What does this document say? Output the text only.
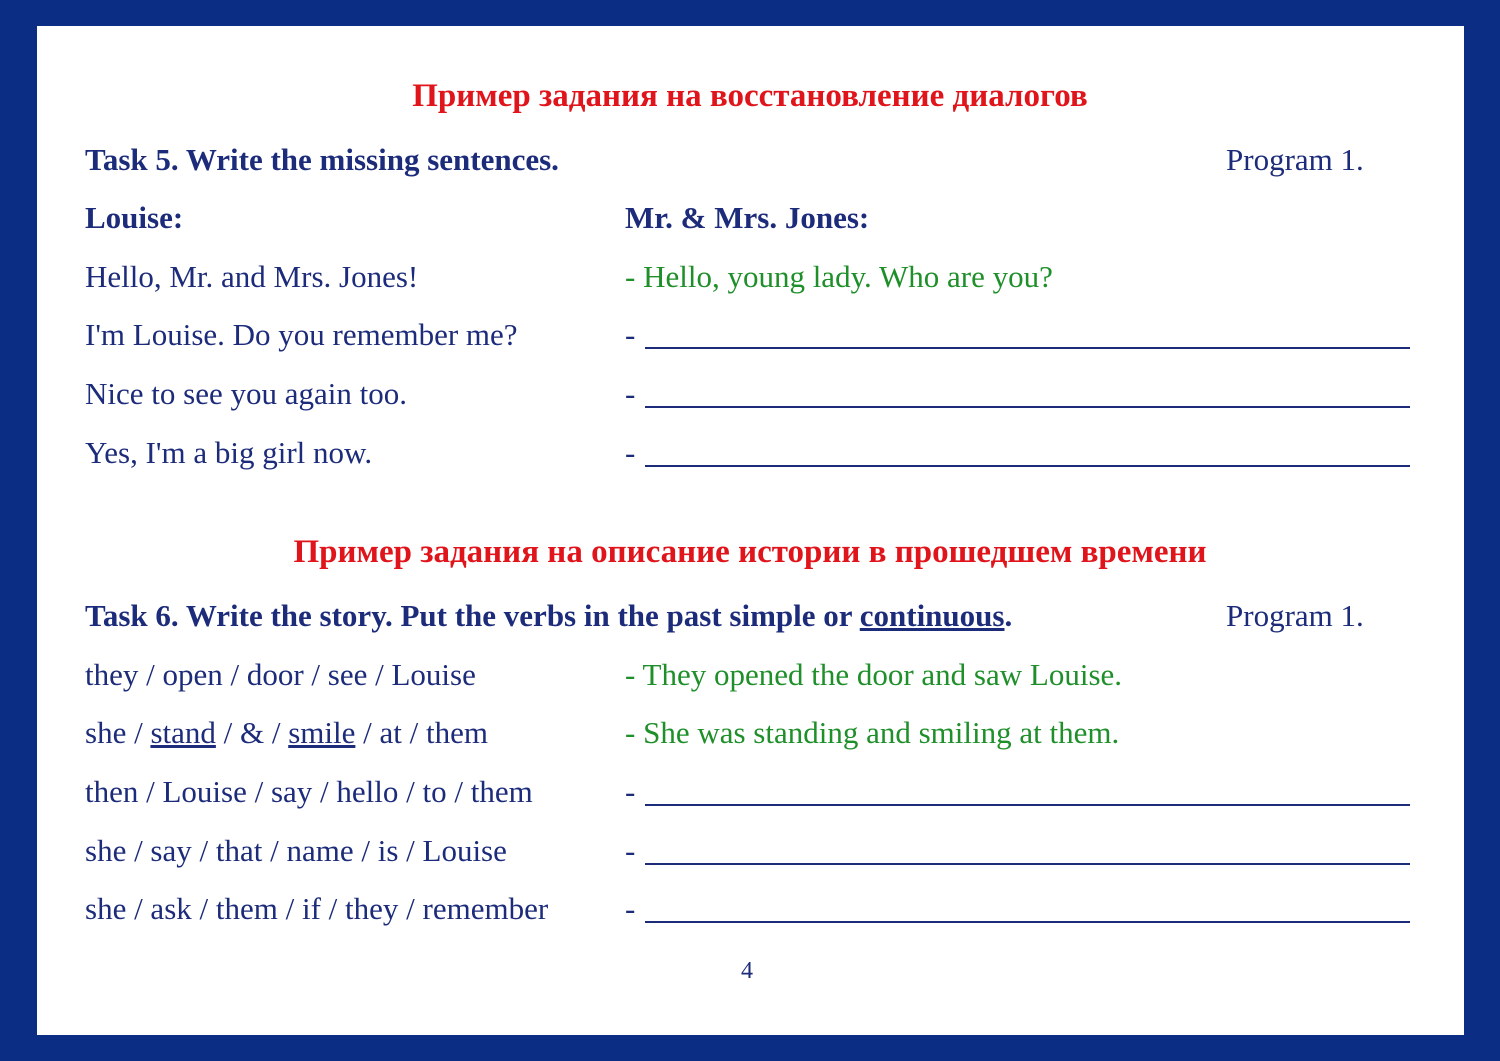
Пример задания на восстановление диалогов
Task 5. Write the missing sentences.	Program 1.
Louise:	Mr. & Mrs. Jones:
Hello, Mr. and Mrs. Jones!	- Hello, young lady. Who are you?
I'm Louise. Do you remember me?	-
Nice to see you again too.	-
Yes, I'm a big girl now.	-
Пример задания на описание истории в прошедшем времени
Task 6. Write the story. Put the verbs in the past simple or continuous.	Program 1.
they / open / door / see / Louise	- They opened the door and saw Louise.
she / stand / & / smile / at / them	- She was standing and smiling at them.
then / Louise / say / hello / to / them	-
she / say / that / name / is / Louise	-
she / ask / them / if / they / remember -
4
